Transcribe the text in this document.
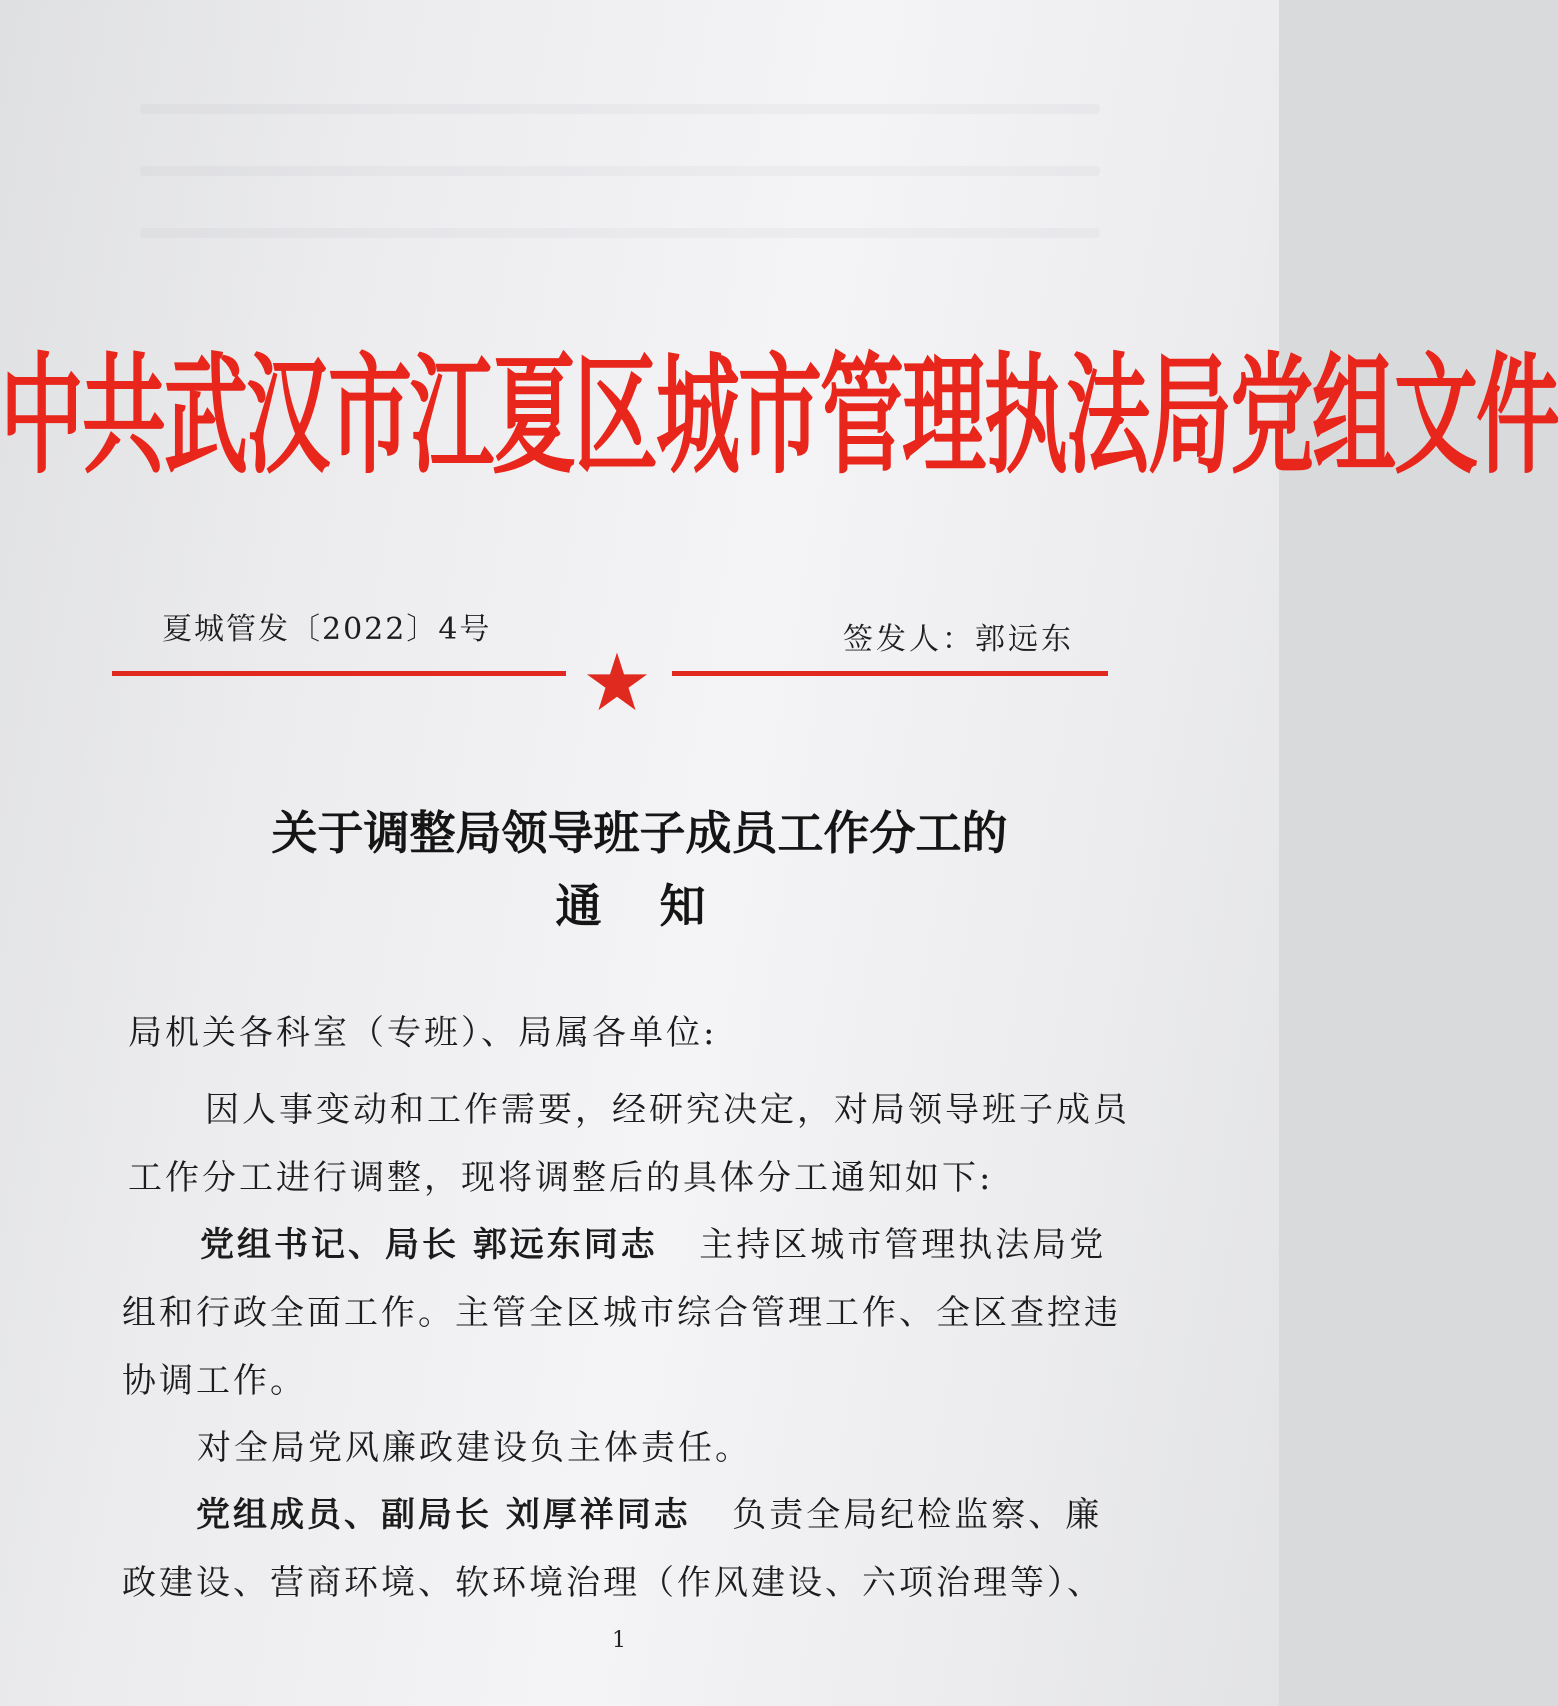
中共武汉市江夏区城市管理执法局党组文件
夏城管发〔2022〕4号	签发人：郭远东
关于调整局领导班子成员工作分工的
通知
局机关各科室（专班）、局属各单位:
因人事变动和工作需要，经研究决定，对局领导班子成员
工作分工进行调整，现将调整后的具体分工通知如下:
党组书记、局长 郭远东同志 主持区城市管理执法局党
组和行政全面工作。主管全区城市综合管理工作、全区查控违
协调工作。
对全局党风廉政建设负主体责任。
党组成员、副局长 刘厚祥同志 负责全局纪检监察、廉
政建设、营商环境、软环境治理（作风建设、六项治理等）、
1
